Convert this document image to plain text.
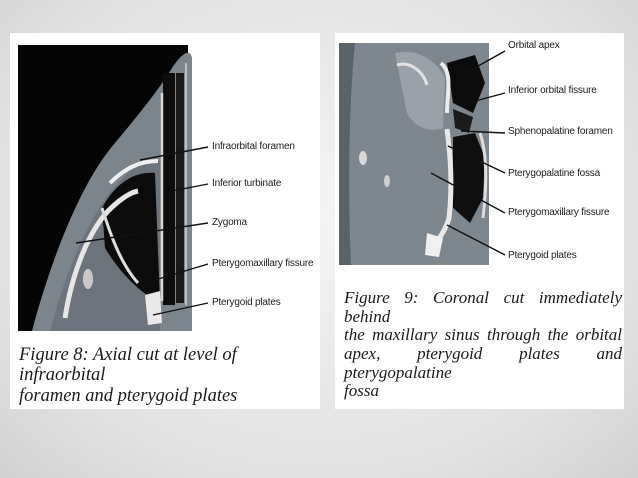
Infraorbital foramen
Inferior turbinate
Zygoma
Pterygomaxillary fissure
Pterygoid plates
Figure 8: Axial cut at level of infraorbital
foramen and pterygoid plates
Orbital apex
Inferior orbital fissure
Sphenopalatine foramen
Pterygopalatine fossa
Pterygomaxillary fissure
Pterygoid plates
Figure 9: Coronal cut immediately behind
the maxillary sinus through the orbital
apex, pterygoid plates and pterygopalatine
fossa
